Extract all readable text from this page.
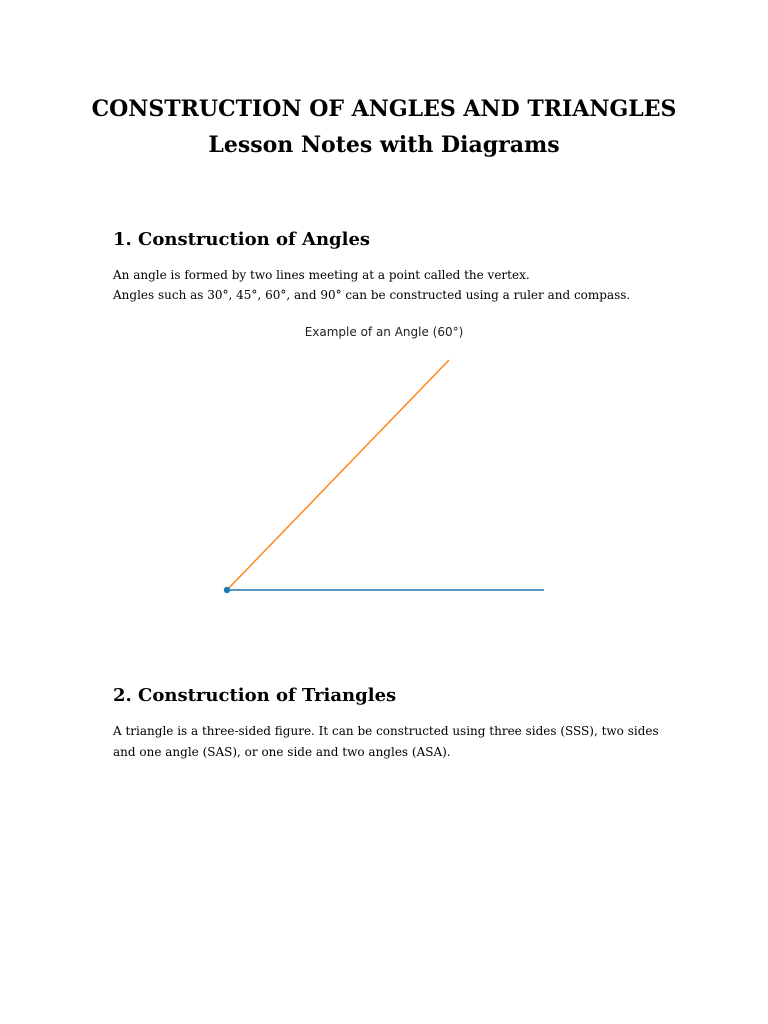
CONSTRUCTION OF ANGLES AND TRIANGLES
Lesson Notes with Diagrams
1. Construction of Angles

An angle is formed by two lines meeting at a point called the vertex.

Angles such as 30°, 45°, 60°, and 90° can be constructed using a ruler and compass.

Example of an Angle (60°)
2. Construction of Triangles

A triangle is a three-sided figure. It can be constructed using three sides (SSS), two sides and one angle (SAS), or one side and two angles (ASA).
